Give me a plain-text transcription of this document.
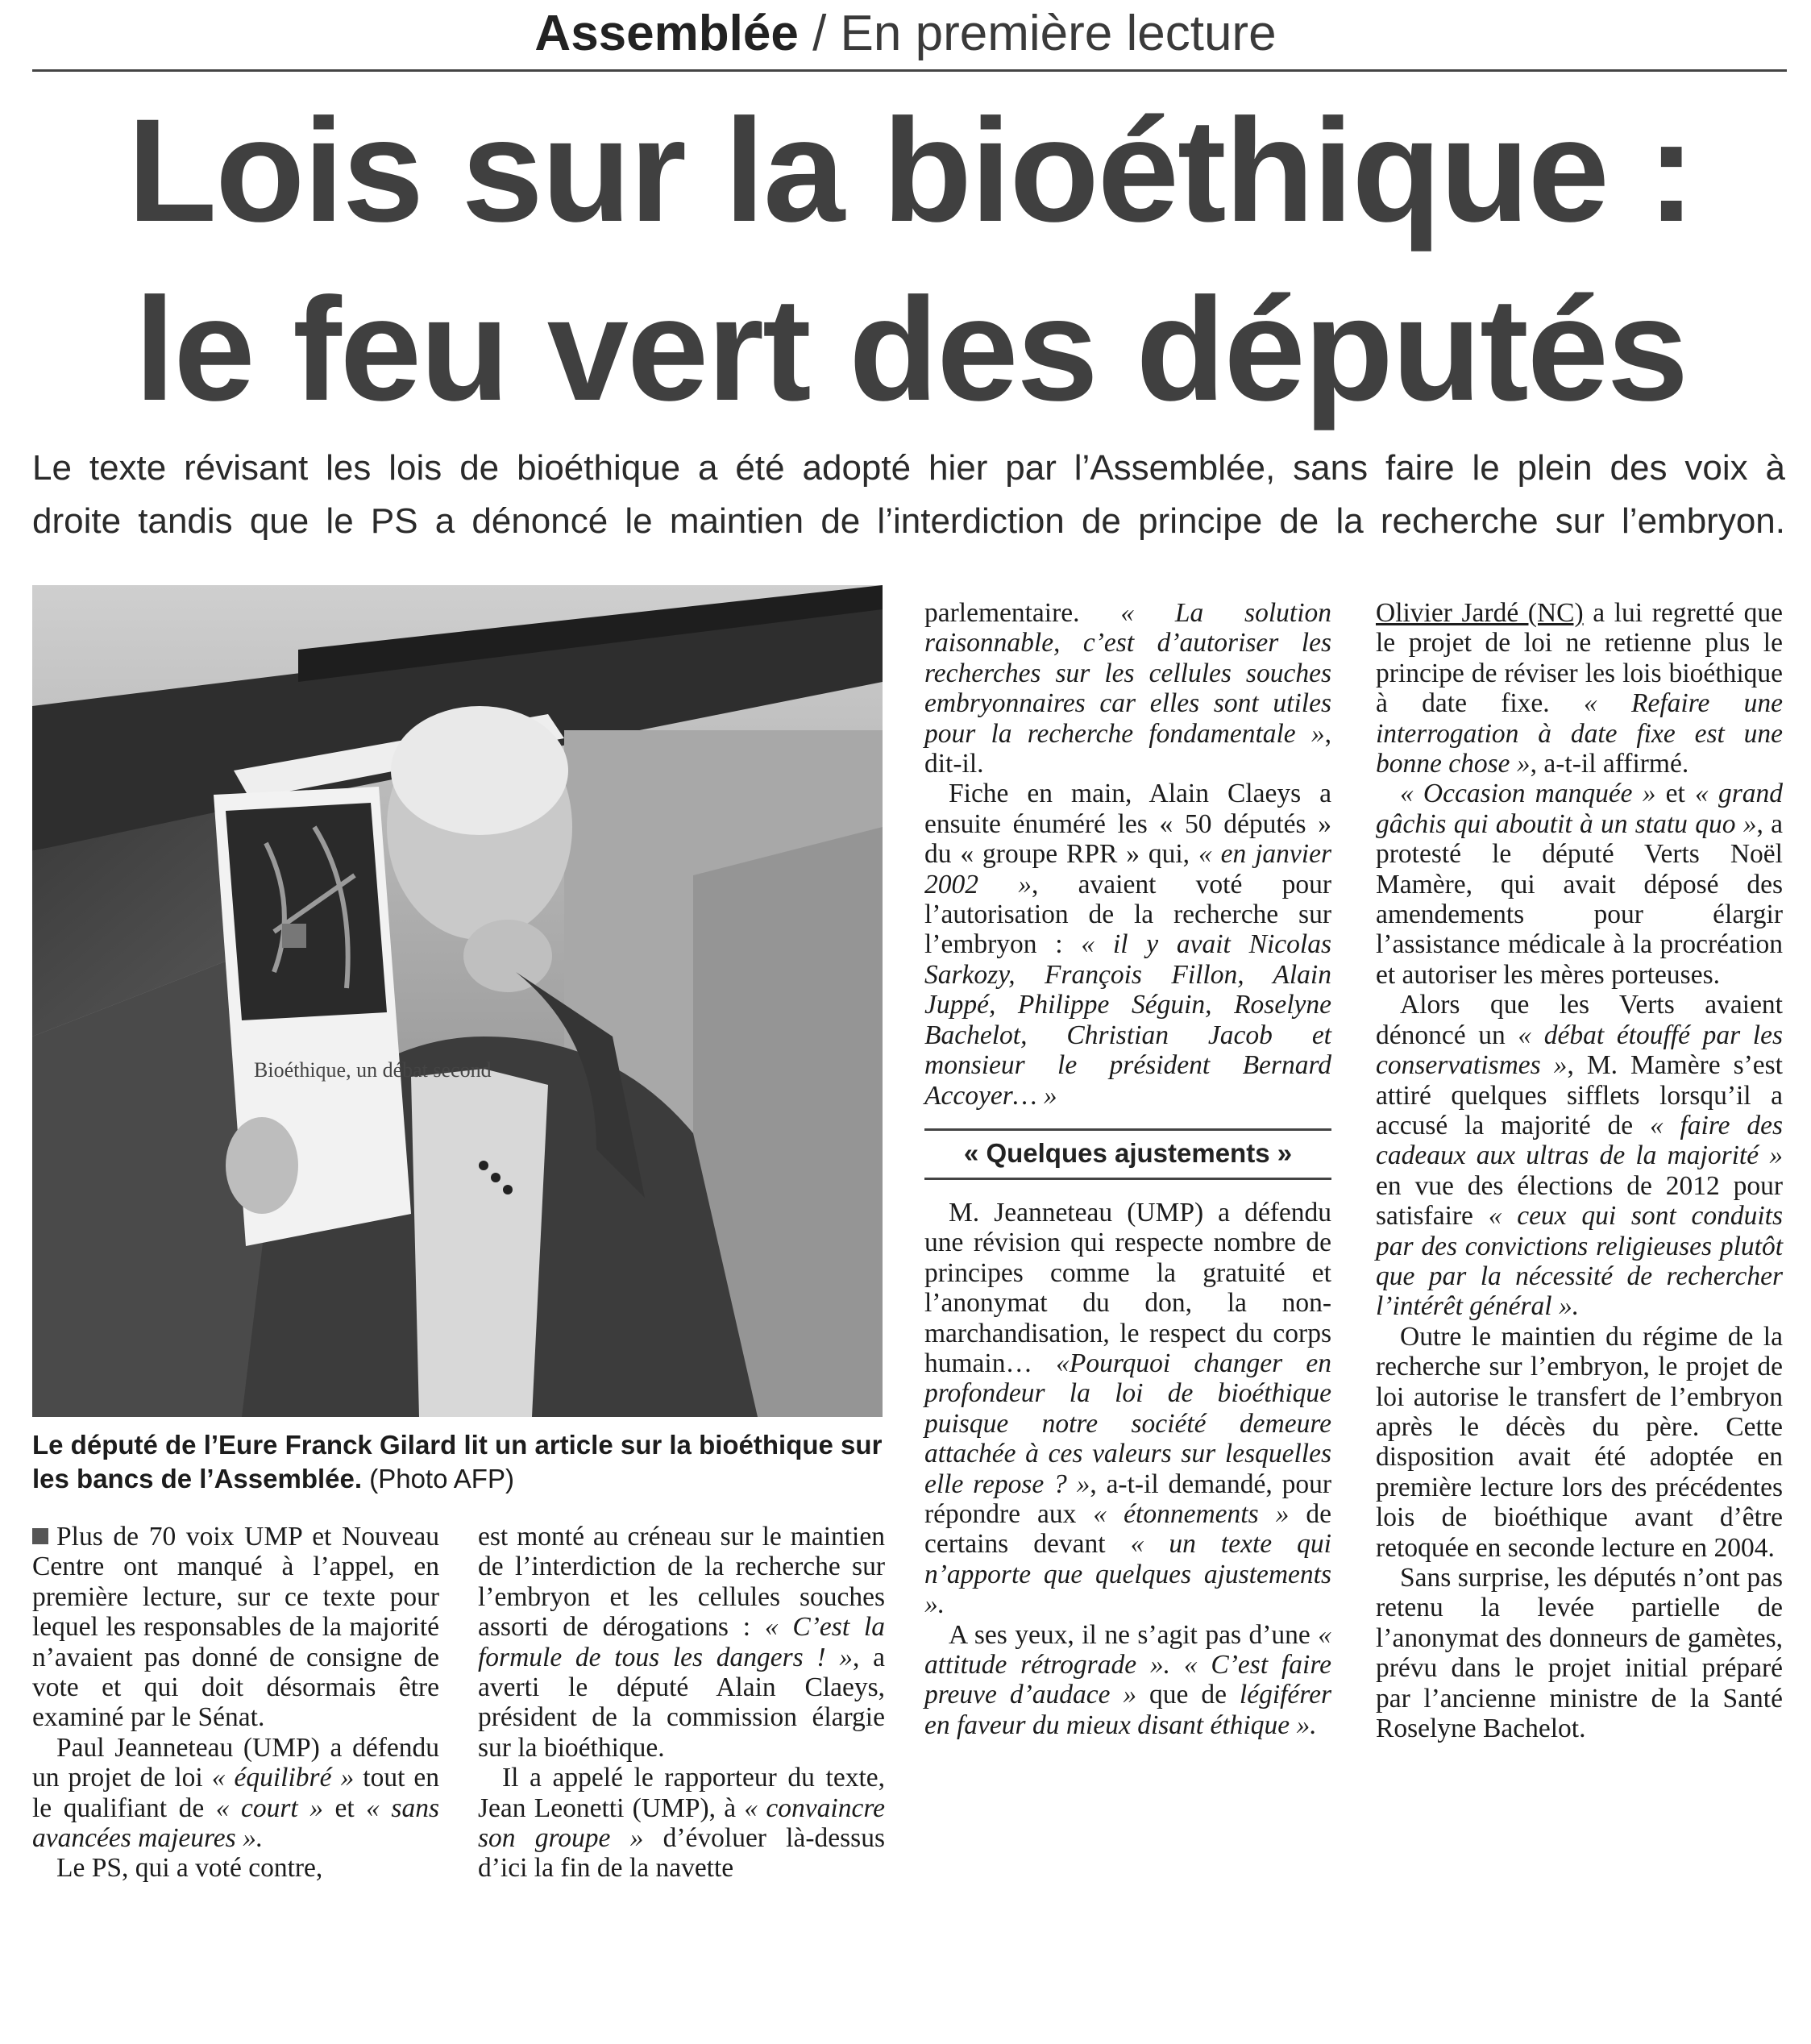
Assemblée / En première lecture
Lois sur la bioéthique :
le feu vert des députés
Le texte révisant les lois de bioéthique a été adopté hier par l’Assemblée, sans faire le plein des voix à
droite tandis que le PS a dénoncé le maintien de l’interdiction de principe de la recherche sur l’embryon.
Bioéthique, un débat second
Le député de l’Eure Franck Gilard lit un article sur la bioéthique sur les bancs de l’Assemblée. (Photo AFP)

Plus de 70 voix UMP et Nouveau Centre ont manqué à l’appel, en première lecture, sur ce texte pour lequel les responsables de la majorité n’avaient pas donné de consigne de vote et qui doit désormais être examiné par le Sénat.

Paul Jeanneteau (UMP) a défendu un projet de loi « équilibré » tout en le qualifiant de « court » et « sans avancées majeures ».

Le PS, qui a voté contre,

est monté au créneau sur le maintien de l’interdiction de la recherche sur l’embryon et les cellules souches assorti de dérogations : « C’est la formule de tous les dangers ! », a averti le député Alain Claeys, président de la commission élargie sur la bioéthique.

Il a appelé le rapporteur du texte, Jean Leonetti (UMP), à « convaincre son groupe » d’évoluer là-dessus d’ici la fin de la navette

parlementaire. « La solution raisonnable, c’est d’autoriser les recherches sur les cellules souches embryonnaires car elles sont utiles pour la recherche fondamentale », dit-il.

Fiche en main, Alain Claeys a ensuite énuméré les « 50 députés » du « groupe RPR » qui, « en janvier 2002 », avaient voté pour l’autorisation de la recherche sur l’embryon : « il y avait Nicolas Sarkozy, François Fillon, Alain Juppé, Philippe Séguin, Roselyne Bachelot, Christian Jacob et monsieur le président Bernard Accoyer… »

« Quelques ajustements »

M. Jeanneteau (UMP) a défendu une révision qui respecte nombre de principes comme la gratuité et l’anonymat du don, la non-marchandisation, le respect du corps humain… «Pourquoi changer en profondeur la loi de bioéthique puisque notre société demeure attachée à ces valeurs sur lesquelles elle repose ? », a-t-il demandé, pour répondre aux « étonnements » de certains devant « un texte qui n’apporte que quelques ajustements ».

A ses yeux, il ne s’agit pas d’une « attitude rétrograde ». « C’est faire preuve d’audace » que de légiférer en faveur du mieux disant éthique ».

Olivier Jardé (NC) a lui regretté que le projet de loi ne retienne plus le principe de réviser les lois bioéthique à date fixe. « Refaire une interrogation à date fixe est une bonne chose », a-t-il affirmé.

« Occasion manquée » et « grand gâchis qui aboutit à un statu quo », a protesté le député Verts Noël Mamère, qui avait déposé des amendements pour élargir l’assistance médicale à la procréation et autoriser les mères porteuses.

Alors que les Verts avaient dénoncé un « débat étouffé par les conservatismes », M. Mamère s’est attiré quelques sifflets lorsqu’il a accusé la majorité de « faire des cadeaux aux ultras de la majorité » en vue des élections de 2012 pour satisfaire « ceux qui sont conduits par des convictions religieuses plutôt que par la nécessité de rechercher l’intérêt général ».

Outre le maintien du régime de la recherche sur l’embryon, le projet de loi autorise le transfert de l’embryon après le décès du père. Cette disposition avait été adoptée en première lecture lors des précédentes lois de bioéthique avant d’être retoquée en seconde lecture en 2004.

Sans surprise, les députés n’ont pas retenu la levée partielle de l’anonymat des donneurs de gamètes, prévu dans le projet initial préparé par l’ancienne ministre de la Santé Roselyne Bachelot.
